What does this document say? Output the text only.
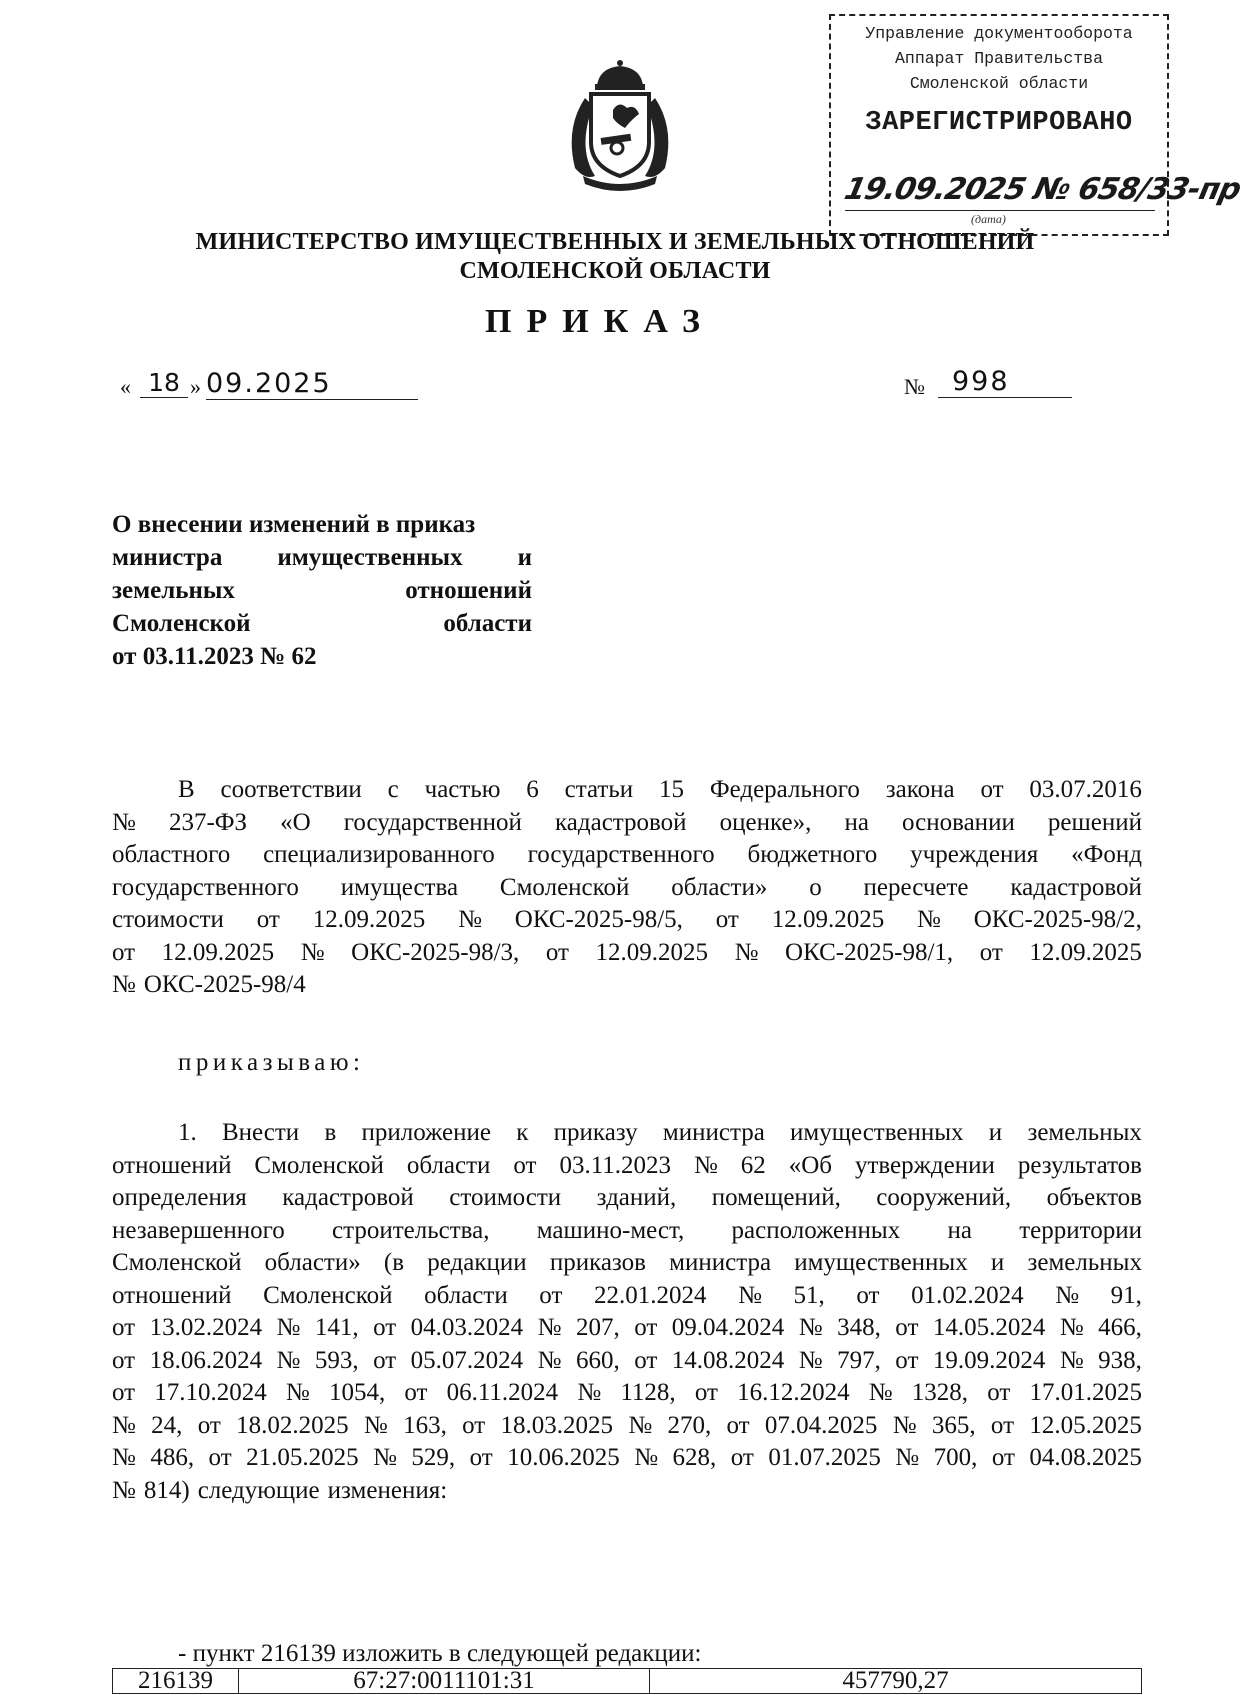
Управление документооборота
Аппарат Правительства
Смоленской области
ЗАРЕГИСТРИРОВАНО
19.09.2025 № 658/33-пр
(дата)
МИНИСТЕРСТВО ИМУЩЕСТВЕННЫХ И ЗЕМЕЛЬНЫХ ОТНОШЕНИЙ
СМОЛЕНСКОЙ ОБЛАСТИ
ПРИКАЗ
« 18 » 09.2025	№	998
О внесении изменений в приказ
министра имущественных и
земельных	отношений
Смоленской	области
от 03.11.2023 № 62
В соответствии с частью 6 статьи 15 Федерального закона от 03.07.2016
№ 237-ФЗ «О государственной кадастровой оценке», на основании решений
областного специализированного государственного бюджетного учреждения «Фонд
государственного имущества Смоленской области» о пересчете кадастровой
стоимости от 12.09.2025 № ОКС-2025-98/5, от 12.09.2025 № ОКС-2025-98/2,
от 12.09.2025 № ОКС-2025-98/3, от 12.09.2025 № ОКС-2025-98/1, от 12.09.2025
№ ОКС-2025-98/4
приказываю:
1. Внести в приложение к приказу министра имущественных и земельных
отношений Смоленской области от 03.11.2023 № 62 «Об утверждении результатов
определения кадастровой стоимости зданий, помещений, сооружений, объектов
незавершенного строительства, машино-мест, расположенных на территории
Смоленской области» (в редакции приказов министра имущественных и земельных
отношений Смоленской области от 22.01.2024 № 51, от 01.02.2024 № 91,
от 13.02.2024 № 141, от 04.03.2024 № 207, от 09.04.2024 № 348, от 14.05.2024 № 466,
от 18.06.2024 № 593, от 05.07.2024 № 660, от 14.08.2024 № 797, от 19.09.2024 № 938,
от 17.10.2024 № 1054, от 06.11.2024 № 1128, от 16.12.2024 № 1328, от 17.01.2025
№ 24, от 18.02.2025 № 163, от 18.03.2025 № 270, от 07.04.2025 № 365, от 12.05.2025
№ 486, от 21.05.2025 № 529, от 10.06.2025 № 628, от 01.07.2025 № 700, от 04.08.2025
№ 814) следующие изменения:
- пункт 216139 изложить в следующей редакции:
216139	67:27:0011101:31	457790,27
